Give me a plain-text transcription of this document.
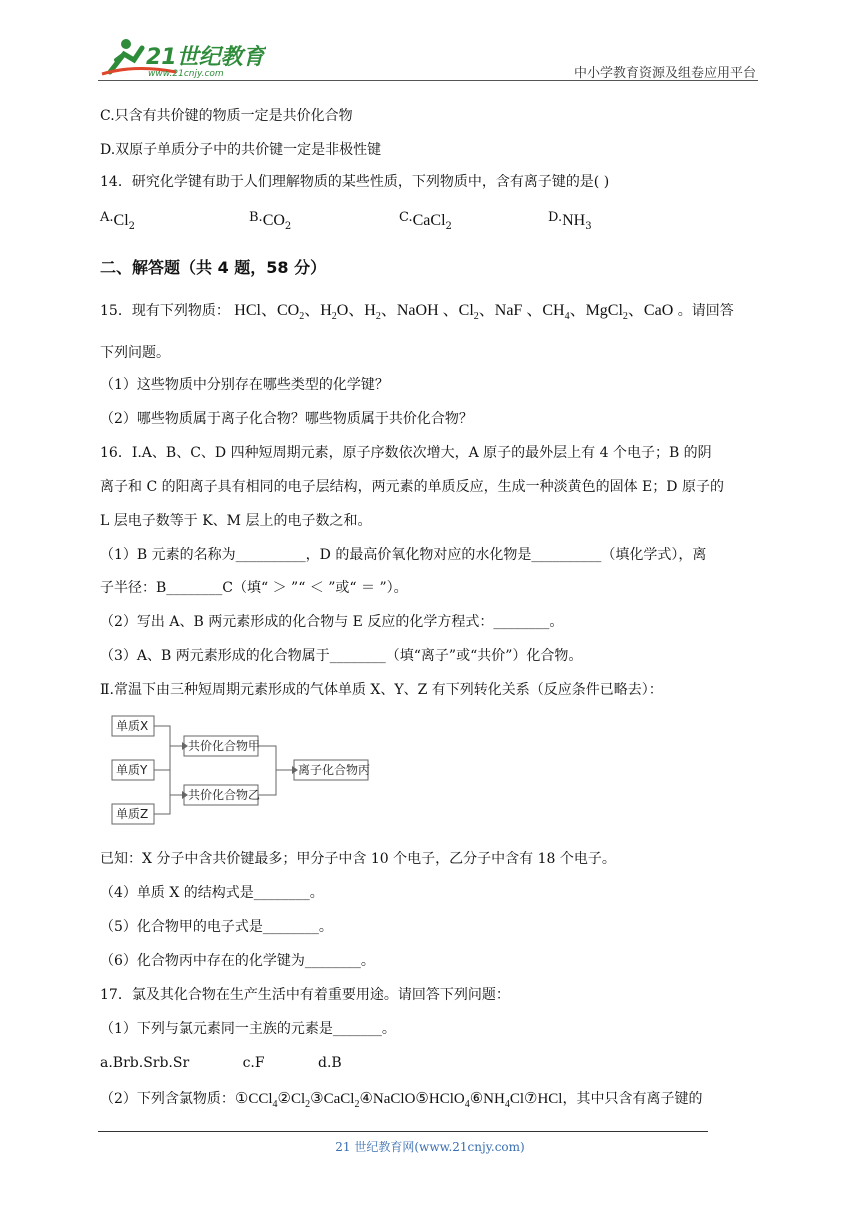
21世纪教育
www.21cnjy.com	中小学教育资源及组卷应用平台
C.只含有共价键的物质一定是共价化合物
D.双原子单质分子中的共价键一定是非极性键
14．研究化学键有助于人们理解物质的某些性质，下列物质中，含有离子键的是( )
$A.Cl_2$
$B.CO_2$
C.CaCl$_2$
$D.NH_3$
二、解答题（共 4 题，58 分）
15．现有下列物质： HCl、$CO_2$、$H_2O$、$H_2$、NaOH 、$Cl_2$、NaF 、$CH_4$、MgCl$_2$、CaO 。请回答
下列问题。
（1）这些物质中分别存在哪些类型的化学键？
（2）哪些物质属于离子化合物？哪些物质属于共价化合物？
16．Ⅰ.A、B、C、D 四种短周期元素，原子序数依次增大，A 原子的最外层上有 4 个电子；B 的阴
离子和 C 的阳离子具有相同的电子层结构，两元素的单质反应，生成一种淡黄色的固体 E；D 原子的
L 层电子数等于 K、M 层上的电子数之和。
（1）B 元素的名称为__________，D 的最高价氧化物对应的水化物是__________（填化学式），离
子半径：B________C（填“ ＞ ”“ ＜ ”或“ ＝ ”）。
（2）写出 A、B 两元素形成的化合物与 E 反应的化学方程式：________。
（3）A、B 两元素形成的化合物属于________（填“离子”或“共价”）化合物。
Ⅱ.常温下由三种短周期元素形成的气体单质 X、Y、Z 有下列转化关系（反应条件已略去）：
单质X
单质Y
单质Z
共价化合物甲
共价化合物乙
离子化合物丙
已知：X 分子中含共价键最多；甲分子中含 10 个电子，乙分子中含有 18 个电子。
（4）单质 X 的结构式是________。
（5）化合物甲的电子式是________。
（6）化合物丙中存在的化学键为________。
17．氯及其化合物在生产生活中有着重要用途。请回答下列问题：
（1）下列与氯元素同一主族的元素是_______。
a.Brb.Srb.Sr            c.F            d.B
（2）下列含氯物质：$①CCl_4②Cl_2③CaCl_2④NaClO⑤HClO_4⑥NH_4Cl⑦HCl$，其中只含有离子键的
21 世纪教育网(www.21cnjy.com)
